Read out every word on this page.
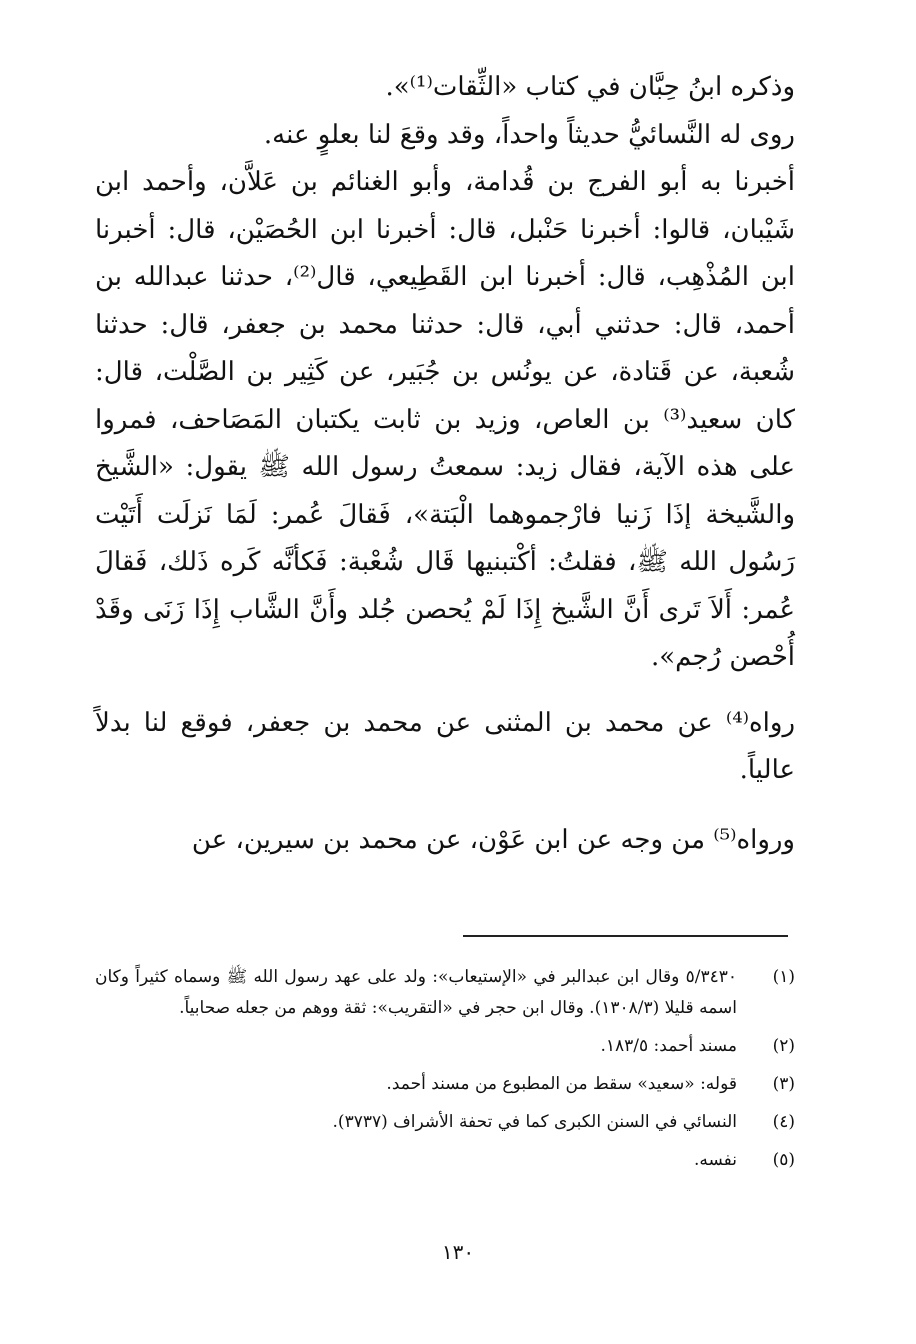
وذكره ابنُ حِبَّان في كتاب «الثِّقات⁽¹⁾».

روى له النَّسائيُّ حديثاً واحداً، وقد وقعَ لنا بعلوٍ عنه.

أخبرنا به أبو الفرج بن قُدامة، وأبو الغنائم بن عَلاَّن، وأحمد ابن شَيْبان، قالوا: أخبرنا حَنْبل، قال: أخبرنا ابن الحُصَيْن، قال: أخبرنا ابن المُذْهِب، قال: أخبرنا ابن القَطِيعي، قال⁽²⁾، حدثنا عبدالله بن أحمد، قال: حدثني أبي، قال: حدثنا محمد بن جعفر، قال: حدثنا شُعبة، عن قَتادة، عن يونُس بن جُبَير، عن كَثِير بن الصَّلْت، قال: كان سعيد⁽³⁾ بن العاص، وزيد بن ثابت يكتبان المَصَاحف، فمروا على هذه الآية، فقال زيد: سمعتُ رسول الله ﷺ يقول: «الشَّيخ والشَّيخة إذَا زَنيا فارْجموهما الْبَتة»، فَقالَ عُمر: لَمَا نَزلَت أَتَيْت رَسُول الله ﷺ، فقلتُ: أكْتبنيها قَال شُعْبة: فَكأنَّه كَره ذَلك، فَقالَ عُمر: أَلاَ تَرى أَنَّ الشَّيخ إِذَا لَمْ يُحصن جُلد وأَنَّ الشَّاب إِذَا زَنَى وقَدْ أُحْصن رُجم».

رواه⁽⁴⁾ عن محمد بن المثنى عن محمد بن جعفر، فوقع لنا بدلاً عالياً.

ورواه⁽⁵⁾ من وجه عن ابن عَوْن، عن محمد بن سيرين، عن

(١)
٥/٣٤٣٠ وقال ابن عبدالبر في «الإستيعاب»: ولد على عهد رسول الله ﷺ وسماه كثيراً وكان اسمه قليلا (١٣٠٨/٣). وقال ابن حجر في «التقريب»: ثقة ووهم من جعله صحابياً.
(٢)
مسند أحمد: ١٨٣/٥.
(٣)
قوله: «سعيد» سقط من المطبوع من مسند أحمد.
(٤)
النسائي في السنن الكبرى كما في تحفة الأشراف (٣٧٣٧).
(٥)
نفسه.
١٣٠
